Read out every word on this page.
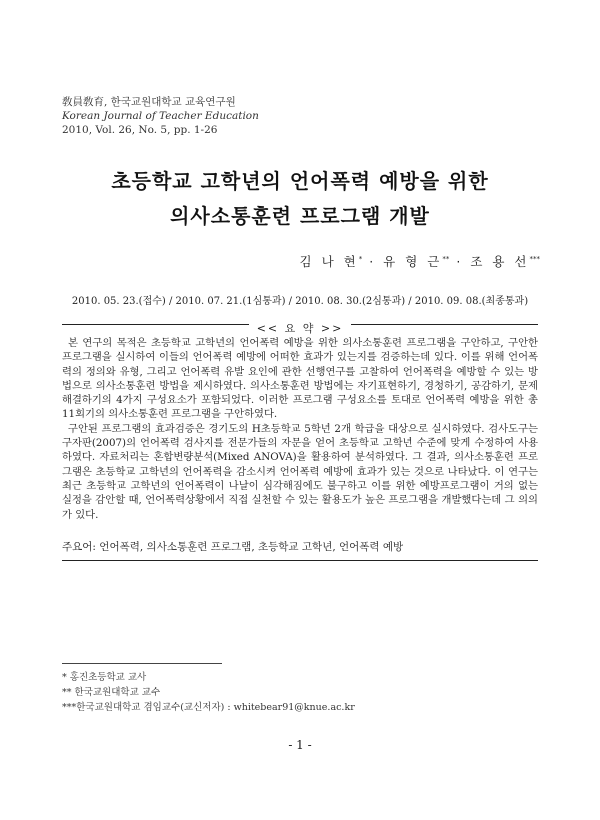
敎員敎育, 한국교원대학교 교육연구원
Korean Journal of Teacher Education
2010, Vol. 26, No. 5, pp. 1-26
초등학교 고학년의 언어폭력 예방을 위한
의사소통훈련 프로그램 개발
김 나 현* · 유 형 근** · 조 용 선***
2010. 05. 23.(접수) / 2010. 07. 21.(1심통과) / 2010. 08. 30.(2심통과) / 2010. 09. 08.(최종통과)
<< 요 약 >>

본 연구의 목적은 초등학교 고학년의 언어폭력 예방을 위한 의사소통훈련 프로그램을 구안하고, 구안한 프로그램을 실시하여 이들의 언어폭력 예방에 어떠한 효과가 있는지를 검증하는데 있다. 이를 위해 언어폭력의 정의와 유형, 그리고 언어폭력 유발 요인에 관한 선행연구를 고찰하여 언어폭력을 예방할 수 있는 방법으로 의사소통훈련 방법을 제시하였다. 의사소통훈련 방법에는 자기표현하기, 경청하기, 공감하기, 문제해결하기의 4가지 구성요소가 포함되었다. 이러한 프로그램 구성요소를 토대로 언어폭력 예방을 위한 총 11회기의 의사소통훈련 프로그램을 구안하였다.

구안된 프로그램의 효과검증은 경기도의 H초등학교 5학년 2개 학급을 대상으로 실시하였다. 검사도구는 구자판(2007)의 언어폭력 검사지를 전문가들의 자문을 얻어 초등학교 고학년 수준에 맞게 수정하여 사용하였다. 자료처리는 혼합변량분석(Mixed ANOVA)을 활용하여 분석하였다. 그 결과, 의사소통훈련 프로그램은 초등학교 고학년의 언어폭력을 감소시켜 언어폭력 예방에 효과가 있는 것으로 나타났다. 이 연구는 최근 초등학교 고학년의 언어폭력이 나날이 심각해짐에도 불구하고 이를 위한 예방프로그램이 거의 없는 실정을 감안할 때, 언어폭력상황에서 직접 실천할 수 있는 활용도가 높은 프로그램을 개발했다는데 그 의의가 있다.

주요어: 언어폭력, 의사소통훈련 프로그램, 초등학교 고학년, 언어폭력 예방
* 홍진초등학교 교사
** 한국교원대학교 교수
***한국교원대학교 겸임교수(교신저자) : whitebear91@knue.ac.kr
- 1 -
